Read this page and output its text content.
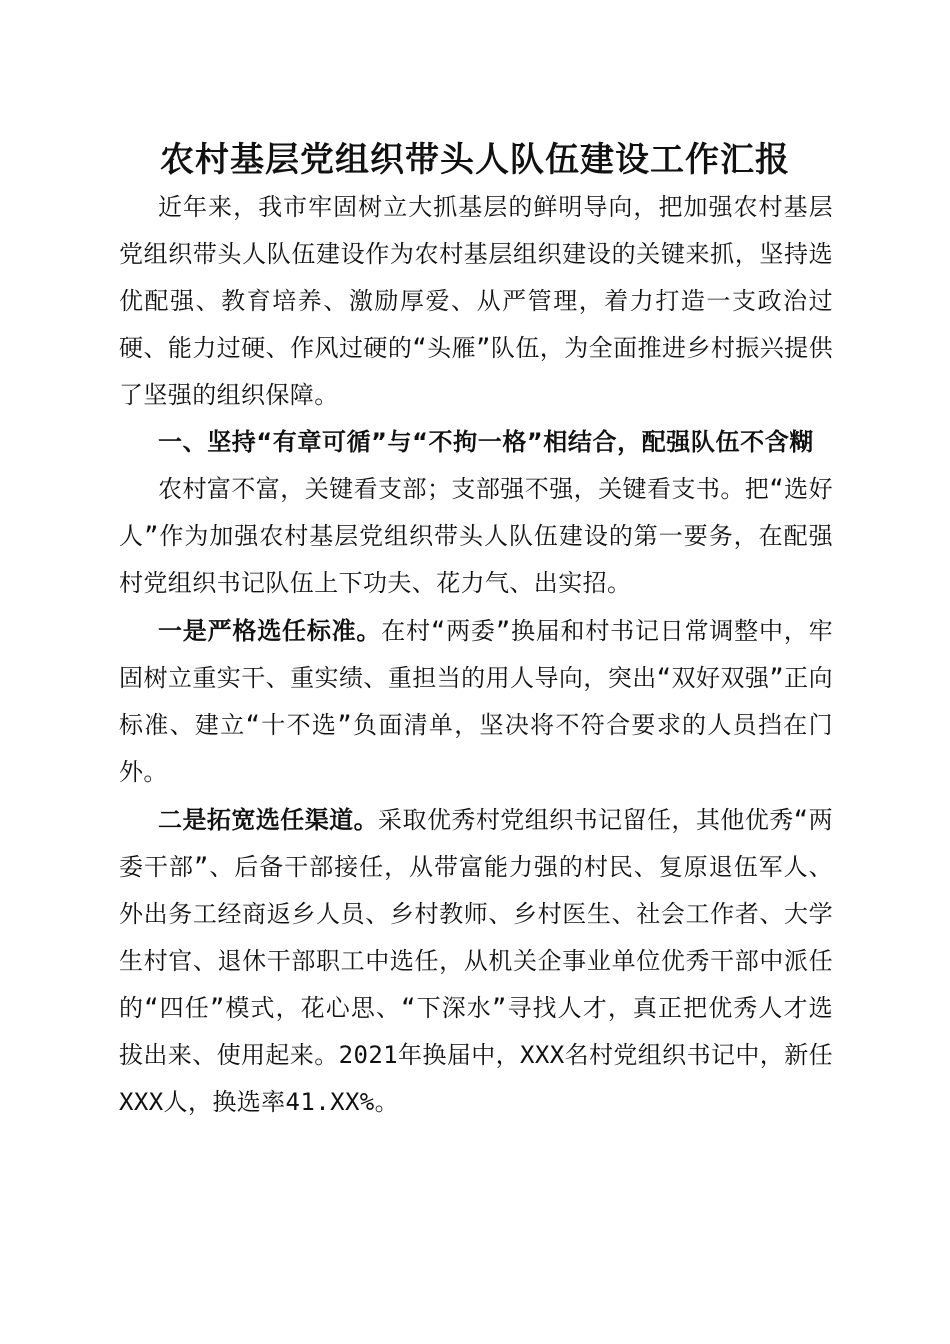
农村基层党组织带头人队伍建设工作汇报

近年来，我市牢固树立大抓基层的鲜明导向，把加强农村基层党组织带头人队伍建设作为农村基层组织建设的关键来抓，坚持选优配强、教育培养、激励厚爱、从严管理，着力打造一支政治过硬、能力过硬、作风过硬的“头雁”队伍，为全面推进乡村振兴提供了坚强的组织保障。

一、坚持“有章可循”与“不拘一格”相结合，配强队伍不含糊

农村富不富，关键看支部；支部强不强，关键看支书。把“选好人”作为加强农村基层党组织带头人队伍建设的第一要务，在配强村党组织书记队伍上下功夫、花力气、出实招。

一是严格选任标准。在村“两委”换届和村书记日常调整中，牢固树立重实干、重实绩、重担当的用人导向，突出“双好双强”正向标准、建立“十不选”负面清单，坚决将不符合要求的人员挡在门外。

二是拓宽选任渠道。采取优秀村党组织书记留任，其他优秀“两委干部”、后备干部接任，从带富能力强的村民、复原退伍军人、外出务工经商返乡人员、乡村教师、乡村医生、社会工作者、大学生村官、退休干部职工中选任，从机关企事业单位优秀干部中派任的“四任”模式，花心思、“下深水”寻找人才，真正把优秀人才选拔出来、使用起来。2021年换届中，XXX名村党组织书记中，新任XXX人，换选率41.XX%。
